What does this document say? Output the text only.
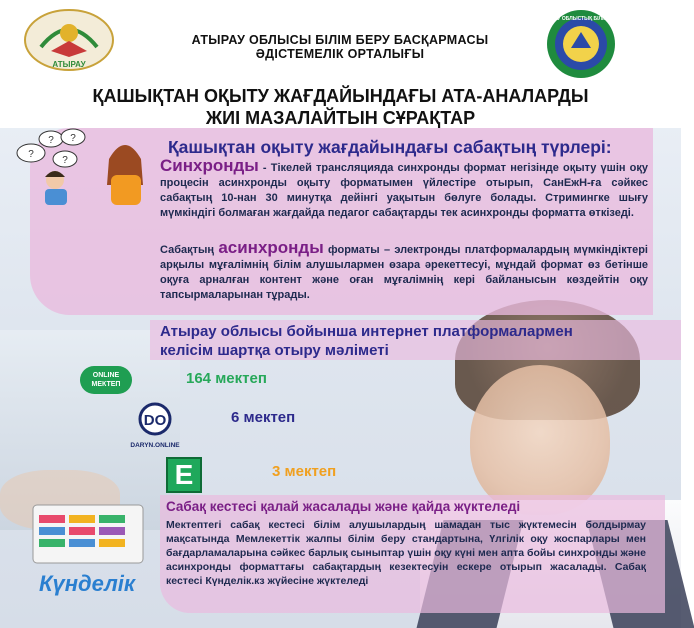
АТЫРАУ
АТЫРАУ ОБЛЫСЫ БІЛІМ БЕРУ БАСҚАРМАСЫ
ӘДІСТЕМЕЛІК ОРТАЛЫҒЫ
АТЫРАУ ОБЛЫСТЫҚ БІЛІМ БЕРУ
ҚАШЫҚТАН ОҚЫТУ ЖАҒДАЙЫНДАҒЫ АТА-АНАЛАРДЫ
ЖИІ МАЗАЛАЙТЫН СҰРАҚТАР
?
? ?
?
Қашықтан оқыту жағдайындағы сабақтың түрлері:
Синхронды - Тікелей трансляцияда синхронды формат негізінде оқыту үшін оқу процесін асинхронды оқыту форматымен үйлестіре отырып, СанЕжН-ға сәйкес сабақтың 10-нан 30 минутқа дейінгі уақытын бөлуге болады. Стримингке шығу мүмкіндігі болмаған жағдайда педагог сабақтарды тек асинхронды форматта өткізеді.
Сабақтың асинхронды форматы – электронды платформалардың мүмкіндіктері арқылы мұғалімнің білім алушылармен өзара әрекеттесуі, мұндай формат өз бетінше оқуға арналған контент және оған мұғалімнің кері байланысын көздейтін оқу тапсырмаларынан тұрады.
Атырау облысы бойынша интернет платформалармен келісім шартқа отыру мәліметі
ONLINE
МЕКТЕП	164 мектеп
DO
DARYN.ONLINE
6 мектеп
E	3 мектеп
Күнделік
Сабақ кестесі қалай жасалады және қайда жүктеледі
Мектептегі сабақ кестесі білім алушылардың шамадан тыс жүктемесін болдырмау мақсатында Мемлекеттік жалпы білім беру стандартына, Үлгілік оқу жоспарлары мен бағдарламаларына сәйкес барлық сыныптар үшін оқу күні мен апта бойы синхронды және асинхронды форматтағы сабақтардың кезектесуін ескере отырып жасалады. Сабақ кестесі Күнделік.кз жүйесіне жүктеледі
